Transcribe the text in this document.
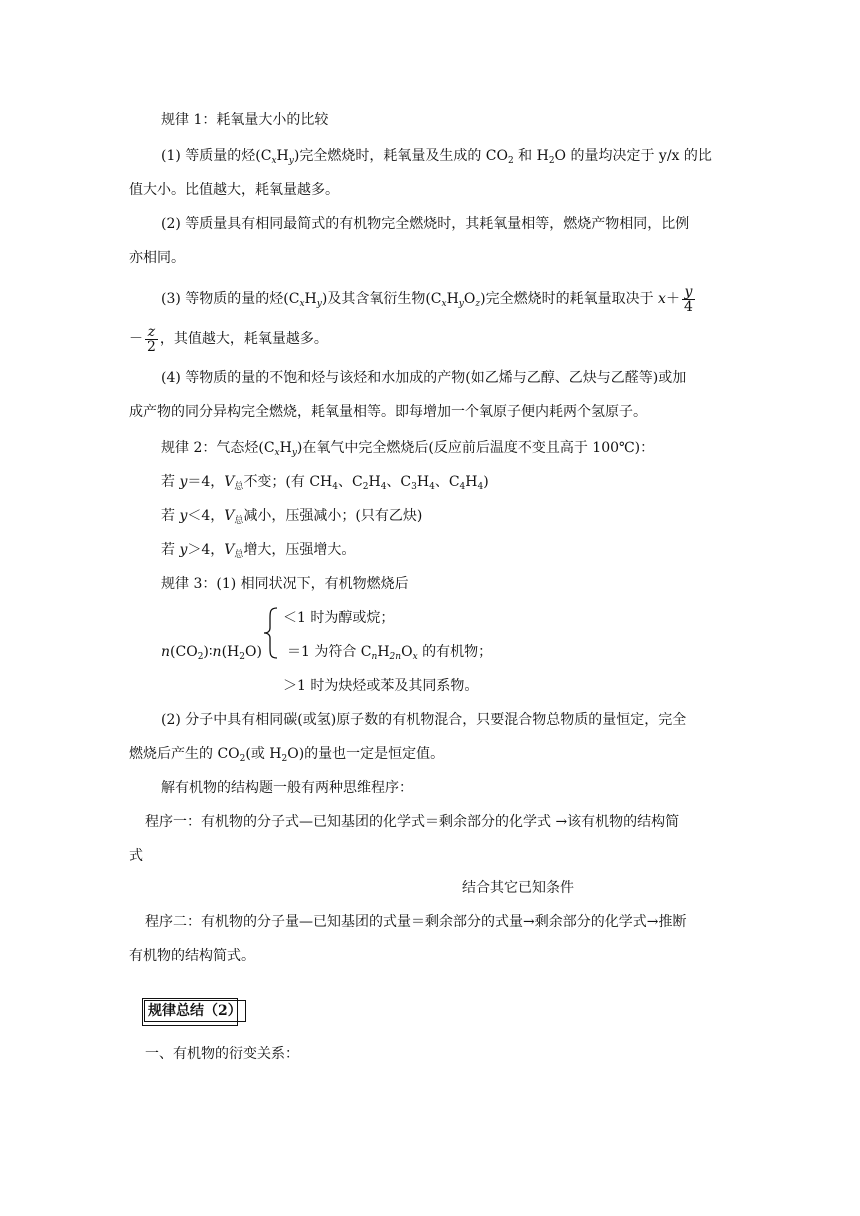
规律 1：耗氧量大小的比较
(1) 等质量的烃$(C_xH_y)$完全燃烧时，耗氧量及生成的 $CO_2$ 和 $H_2O$ 的量均决定于 y/x 的比
值大小。比值越大，耗氧量越多。
(2) 等质量具有相同最简式的有机物完全燃烧时，其耗氧量相等，燃烧产物相同，比例
亦相同。
(3) 等物质的量的烃$(C_xH_y)$及其含氧衍生物$(C_xH_yO_z)$完全燃烧时的耗氧量取决于 $x+ \frac{y}{4}$
－ $\frac{z}{2}$ ，其值越大，耗氧量越多。
(4) 等物质的量的不饱和烃与该烃和水加成的产物(如乙烯与乙醇、乙炔与乙醛等)或加
成产物的同分异构完全燃烧，耗氧量相等。即每增加一个氧原子便内耗两个氢原子。
规律 2：气态烃$(C_xH_y)$在氧气中完全燃烧后(反应前后温度不变且高于 100℃)：
若 y＝4，$V_总$不变；(有 $CH_4$、$C_2H_4$、$C_3H_4$、$C_4H_4$)
若 y＜4，$V_总$减小，压强减小；(只有乙炔)
若 y＞4，$V_总$增大，压强增大。
规律 3：(1) 相同状况下，有机物燃烧后
＜1 时为醇或烷；
$n(CO_2)∶n(H_2O) =1$ 为符合 $C_nH_{2n}O_x$ 的有机物；
＞1 时为炔烃或苯及其同系物。
(2) 分子中具有相同碳(或氢)原子数的有机物混合，只要混合物总物质的量恒定，完全
燃烧后产生的 $CO_2$(或 $H_2O$)的量也一定是恒定值。
解有机物的结构题一般有两种思维程序：
程序一：有机物的分子式—已知基团的化学式＝剩余部分的化学式 →该有机物的结构简
式
结合其它已知条件
程序二：有机物的分子量—已知基团的式量＝剩余部分的式量→剩余部分的化学式→推断
有机物的结构简式。
规律总结（2）
一、有机物的衍变关系：
